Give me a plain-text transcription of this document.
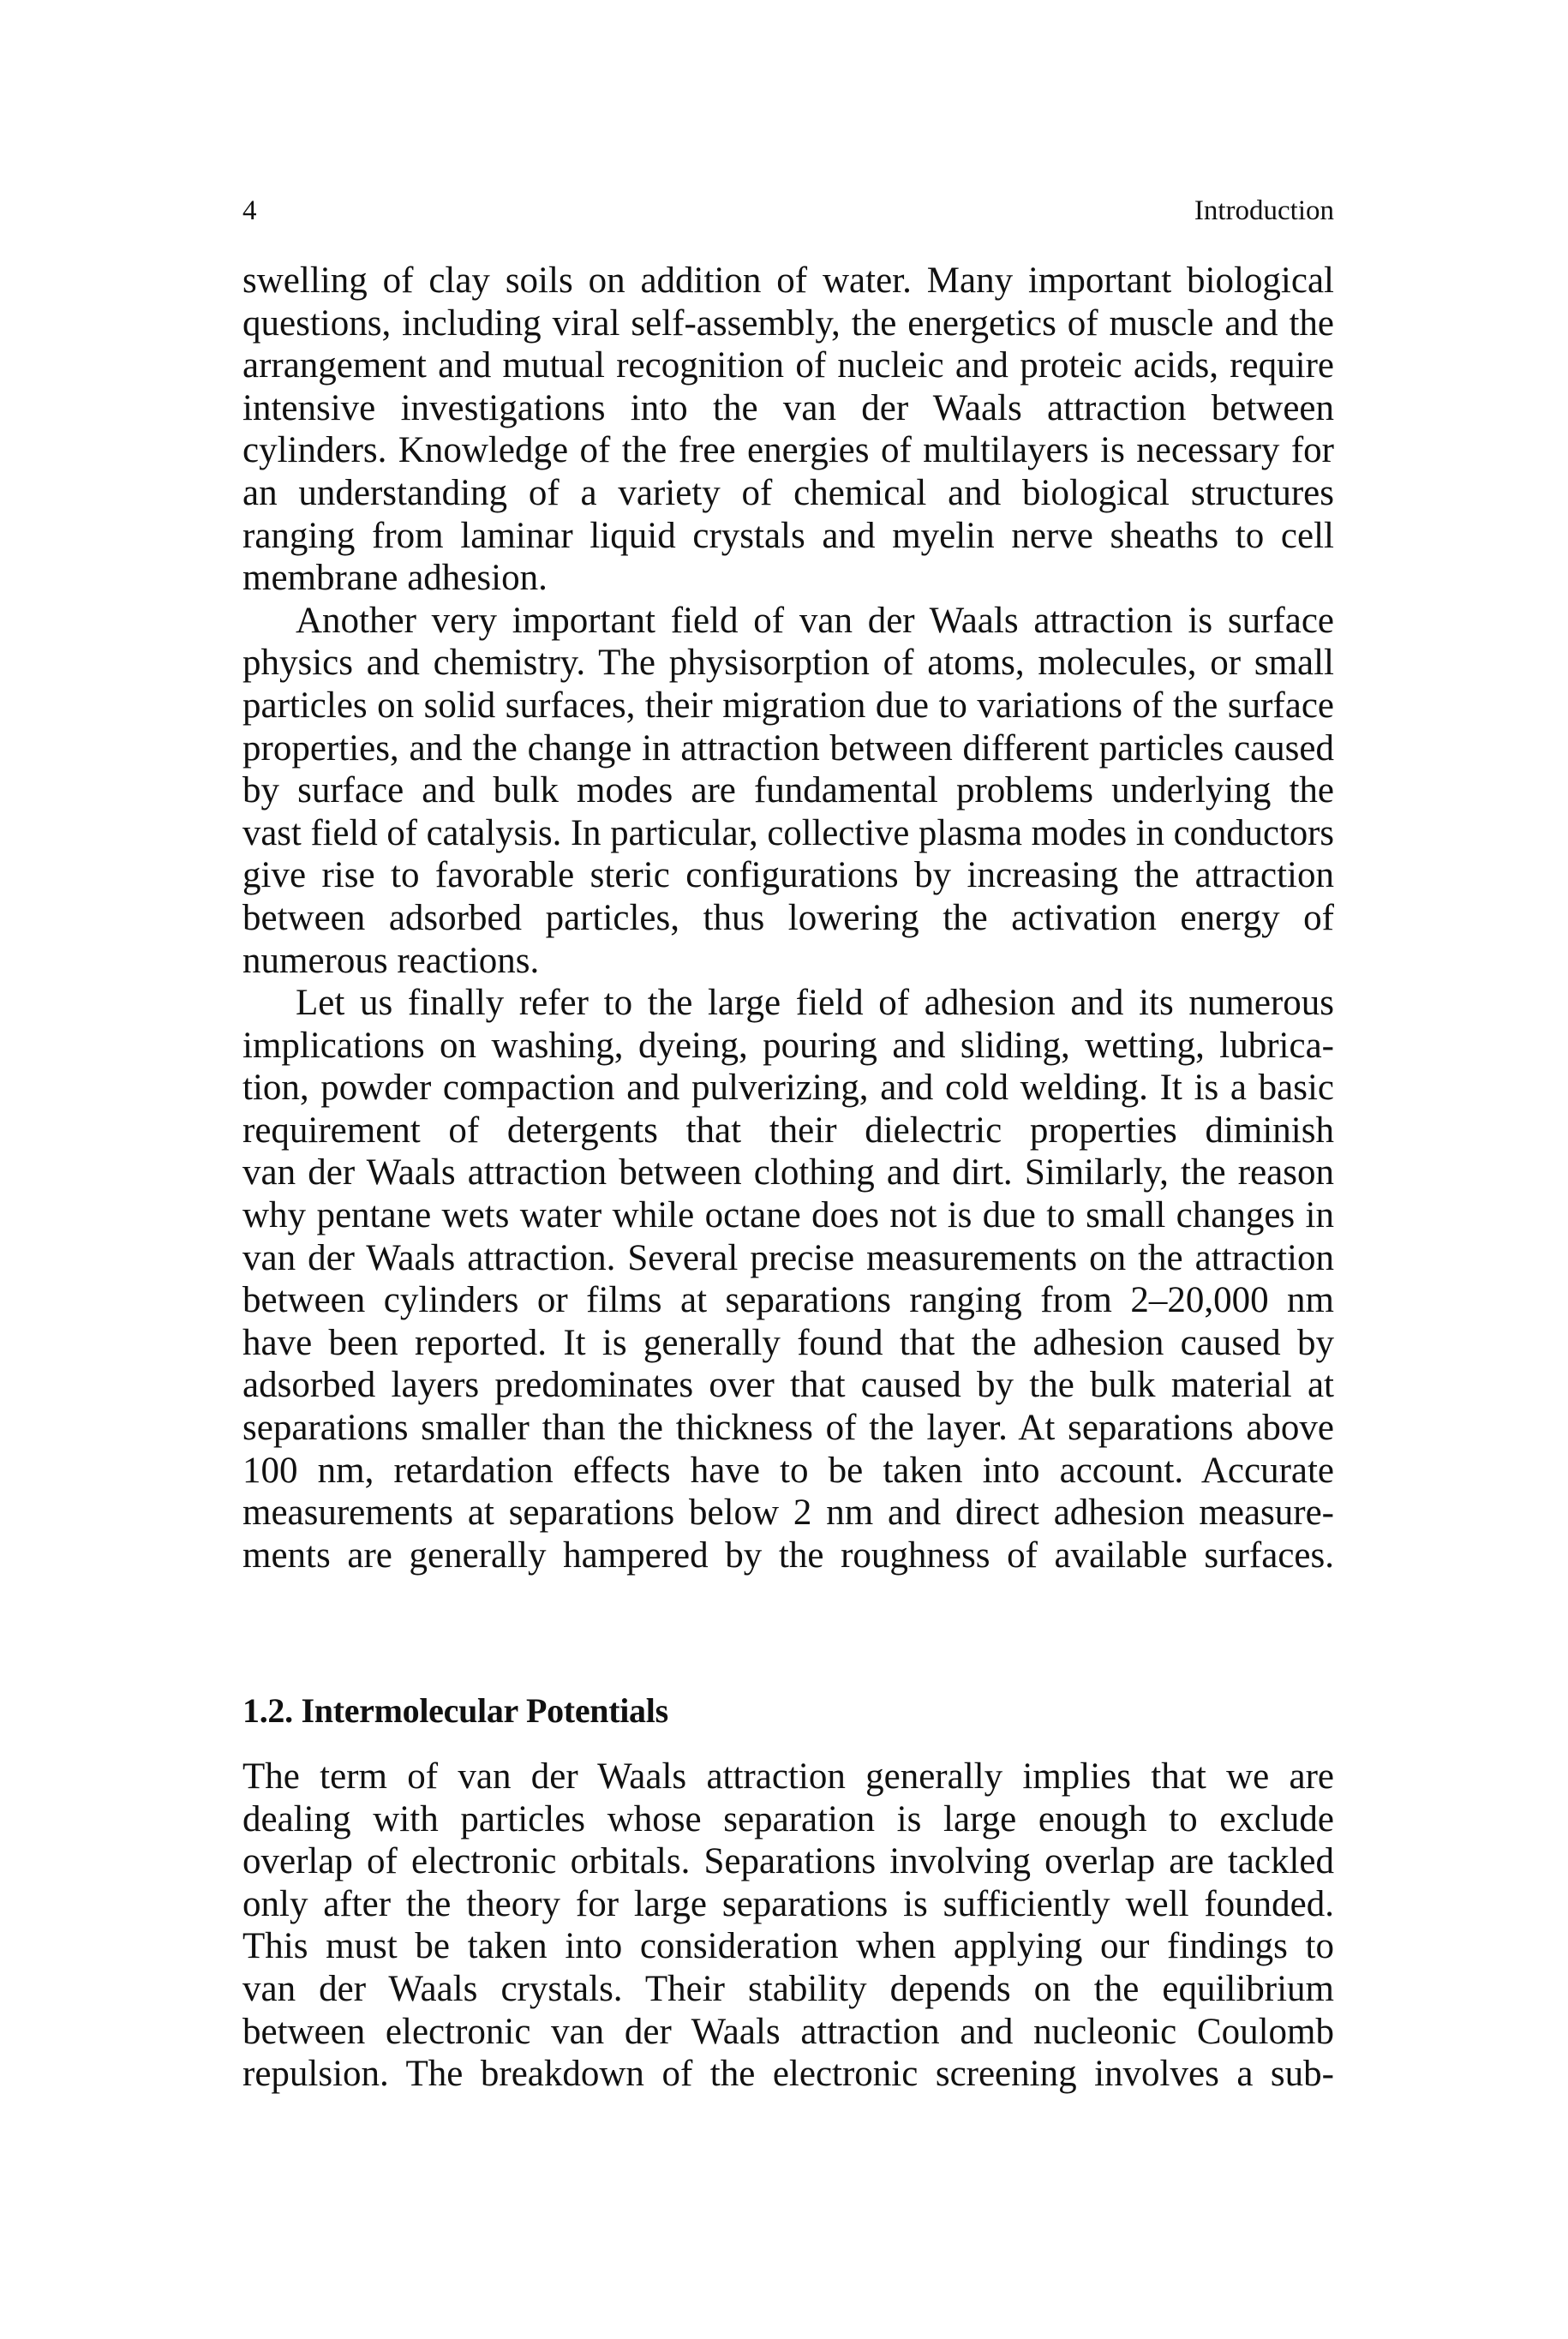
4	Introduction

swelling of clay soils on addition of water. Many important biological
questions, including viral self-assembly, the energetics of muscle and the
arrangement and mutual recognition of nucleic and proteic acids, require
intensive investigations into the van der Waals attraction between
cylinders. Knowledge of the free energies of multilayers is necessary for
an understanding of a variety of chemical and biological structures
ranging from laminar liquid crystals and myelin nerve sheaths to cell
membrane adhesion.

Another very important field of van der Waals attraction is surface
physics and chemistry. The physisorption of atoms, molecules, or small
particles on solid surfaces, their migration due to variations of the surface
properties, and the change in attraction between different particles caused
by surface and bulk modes are fundamental problems underlying the
vast field of catalysis. In particular, collective plasma modes in conductors
give rise to favorable steric configurations by increasing the attraction
between adsorbed particles, thus lowering the activation energy of
numerous reactions.

Let us finally refer to the large field of adhesion and its numerous
implications on washing, dyeing, pouring and sliding, wetting, lubrica-
tion, powder compaction and pulverizing, and cold welding. It is a basic
requirement of detergents that their dielectric properties diminish
van der Waals attraction between clothing and dirt. Similarly, the reason
why pentane wets water while octane does not is due to small changes in
van der Waals attraction. Several precise measurements on the attraction
between cylinders or films at separations ranging from 2–20,000 nm
have been reported. It is generally found that the adhesion caused by
adsorbed layers predominates over that caused by the bulk material at
separations smaller than the thickness of the layer. At separations above
100 nm, retardation effects have to be taken into account. Accurate
measurements at separations below 2 nm and direct adhesion measure-
ments are generally hampered by the roughness of available surfaces.

1.2. Intermolecular Potentials

The term of van der Waals attraction generally implies that we are
dealing with particles whose separation is large enough to exclude
overlap of electronic orbitals. Separations involving overlap are tackled
only after the theory for large separations is sufficiently well founded.
This must be taken into consideration when applying our findings to
van der Waals crystals. Their stability depends on the equilibrium
between electronic van der Waals attraction and nucleonic Coulomb
repulsion. The breakdown of the electronic screening involves a sub-
